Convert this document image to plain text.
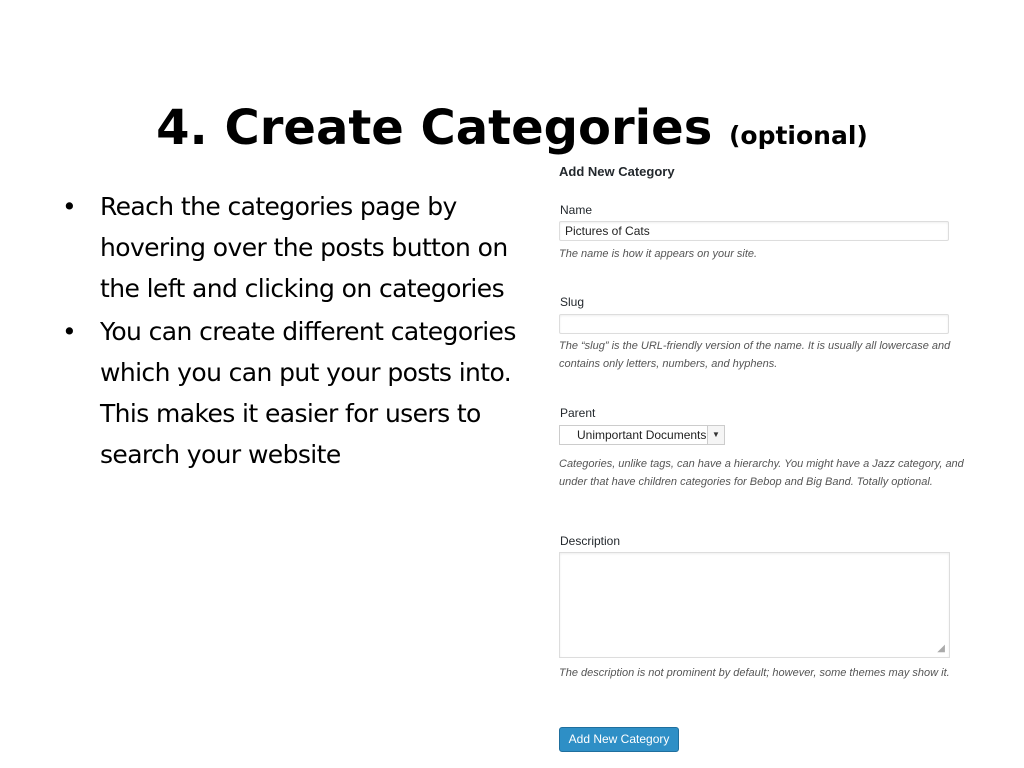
4. Create Categories (optional)
• Reach the categories page by hovering over the posts button on the left and clicking on categories
• You can create different categories which you can put your posts into. This makes it easier for users to search your website
Add New Category
Name
Pictures of Cats
The name is how it appears on your site.
Slug
The “slug” is the URL-friendly version of the name. It is usually all lowercase and contains only letters, numbers, and hyphens.
Parent
Unimportant Documents ▼
Categories, unlike tags, can have a hierarchy. You might have a Jazz category, and under that have children categories for Bebop and Big Band. Totally optional.
Description
◢
The description is not prominent by default; however, some themes may show it.
Add New Category
